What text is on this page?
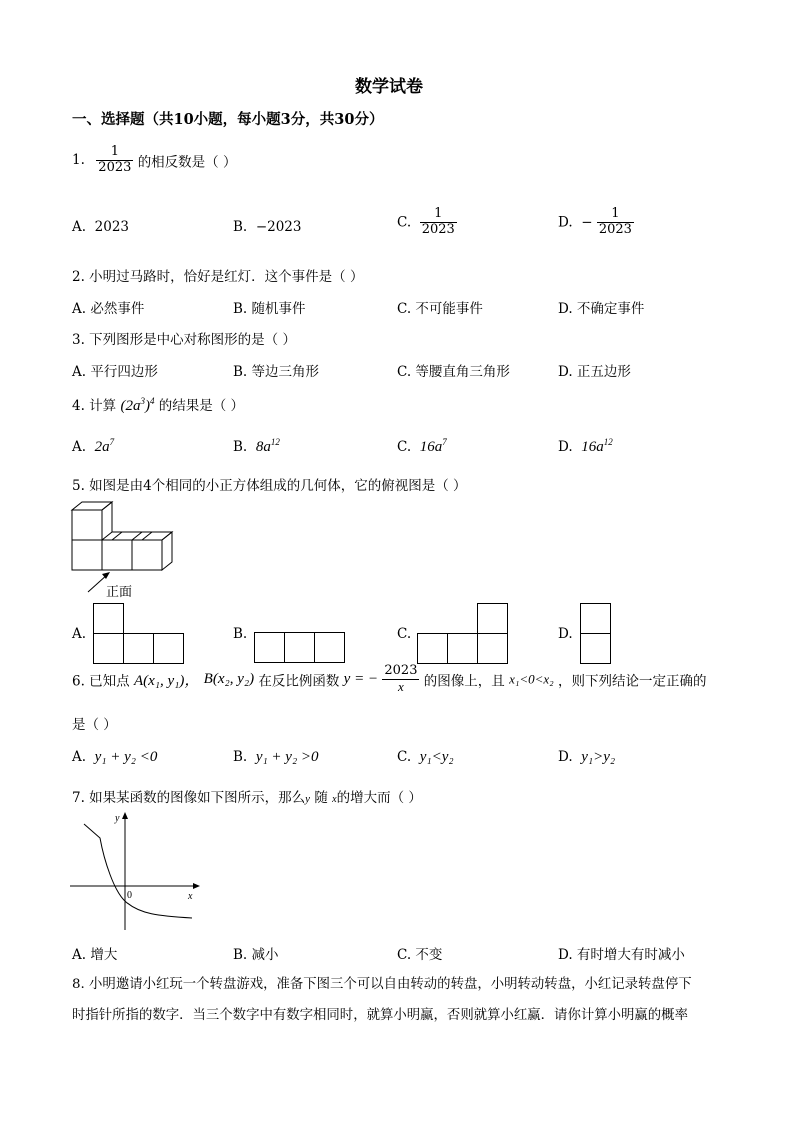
数学试卷
一、选择题（共10小题，每小题3分，共30分）
1. $\frac{1}{2023}$ 的相反数是（ ）
A. 2023	B. −2023	C. $\frac{1}{2023}$	D. − $\frac{1}{2023}$
2. 小明过马路时，恰好是红灯．这个事件是（ ）
A. 必然事件	B. 随机事件	C. 不可能事件	D. 不确定事件
3. 下列图形是中心对称图形的是（ ）
A. 平行四边形	B. 等边三角形	C. 等腰直角三角形	D. 正五边形
4. 计算 $(2a^3)^4$ 的结果是（ ）
A. $2a^7$	B. $8a^{12}$	C. $16a^7$	D. $16a^{12}$
5. 如图是由4个相同的小正方体组成的几何体，它的俯视图是（ ）
正面
A.	B.	C.	D.
6. 已知点 A(x₁, y₁)， B(x₂, y₂) 在反比例函数 y = − $\frac{2023}{x}$ 的图像上，且 x₁<0<x₂ ，则下列结论一定正确的
是（ ）
A. y₁ + y₂ <0	B. y₁ + y₂ >0	C. y₁<y₂	D. y₁>y₂
7. 如果某函数的图像如下图所示，那么y 随 x的增大而（ ）
x
y
0
A. 增大	B. 减小	C. 不变	D. 有时增大有时减小
8. 小明邀请小红玩一个转盘游戏，准备下图三个可以自由转动的转盘，小明转动转盘，小红记录转盘停下
时指针所指的数字．当三个数字中有数字相同时，就算小明赢，否则就算小红赢．请你计算小明赢的概率
